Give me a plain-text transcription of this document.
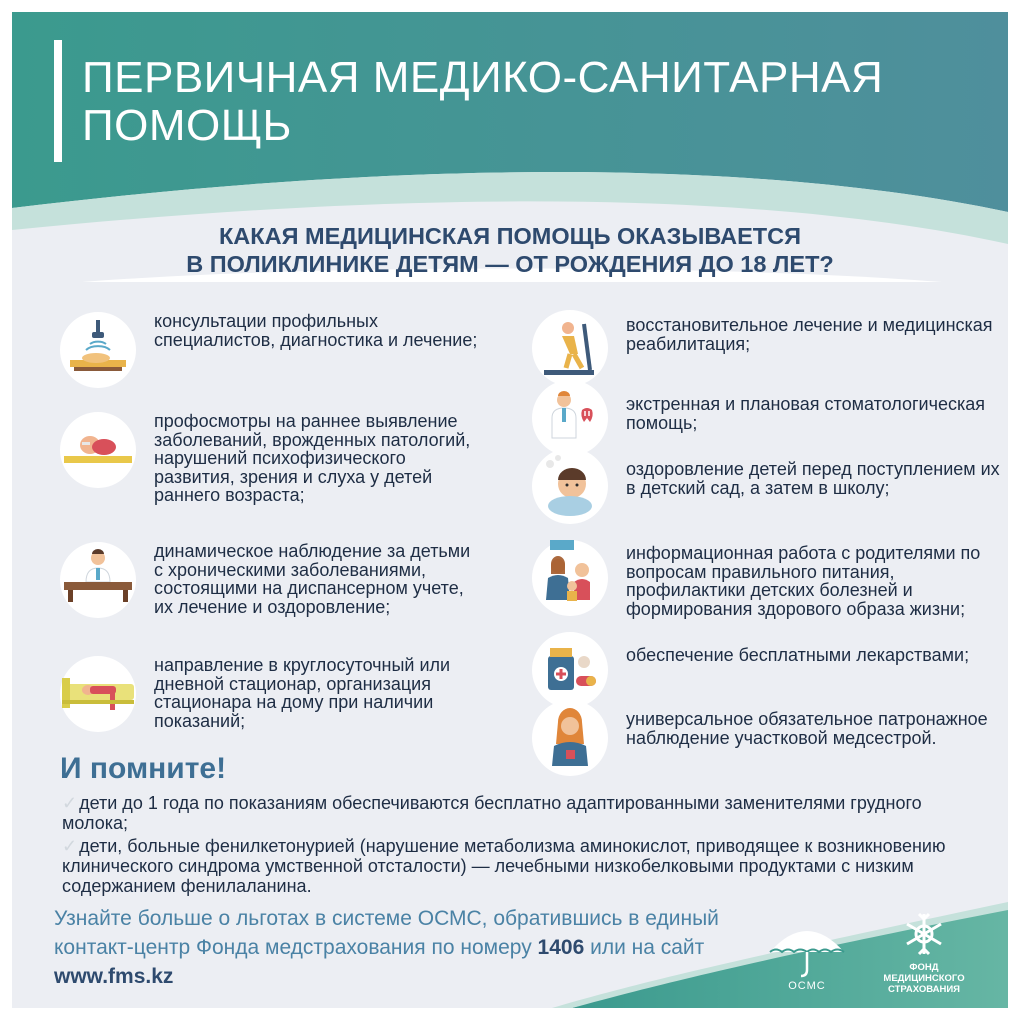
ПЕРВИЧНАЯ МЕДИКО-САНИТАРНАЯ
ПОМОЩЬ
КАКАЯ МЕДИЦИНСКАЯ ПОМОЩЬ ОКАЗЫВАЕТСЯ
В ПОЛИКЛИНИКЕ ДЕТЯМ — ОТ РОЖДЕНИЯ ДО 18 ЛЕТ?
консультации профильных специалистов, диагностика и лечение;
профосмотры на раннее выявление заболеваний, врожденных патологий, нарушений психофизического развития, зрения и слуха у детей раннего возраста;
динамическое наблюдение за детьми с хроническими заболеваниями, состоящими на диспансерном учете, их лечение и оздоровление;
направление в круглосуточный или дневной стационар, организация стационара на дому при наличии показаний;
восстановительное лечение и медицинская реабилитация;
экстренная и плановая стоматологическая помощь;
оздоровление детей перед поступлением их в детский сад, а затем в школу;
информационная работа с родителями по вопросам правильного питания, профилактики детских болезней и формирования здорового образа жизни;
обеспечение бесплатными лекарствами;
универсальное обязательное патронажное наблюдение участковой медсестрой.
И помните!
✓ дети до 1 года по показаниям обеспечиваются бесплатно адаптированными заменителями грудного молока;
✓ дети, больные фенилкетонурией (нарушение метаболизма аминокислот, приводящее к возникновению клинического синдрома умственной отсталости) — лечебными низкобелковыми продуктами с низким содержанием фенилаланина.
Узнайте больше о льготах в системе ОСМС, обратившись в единый контакт-центр Фонда медстрахования по номеру 1406 или на сайт www.fms.kz	ОСМС
ФОНД
МЕДИЦИНСКОГО
СТРАХОВАНИЯ
